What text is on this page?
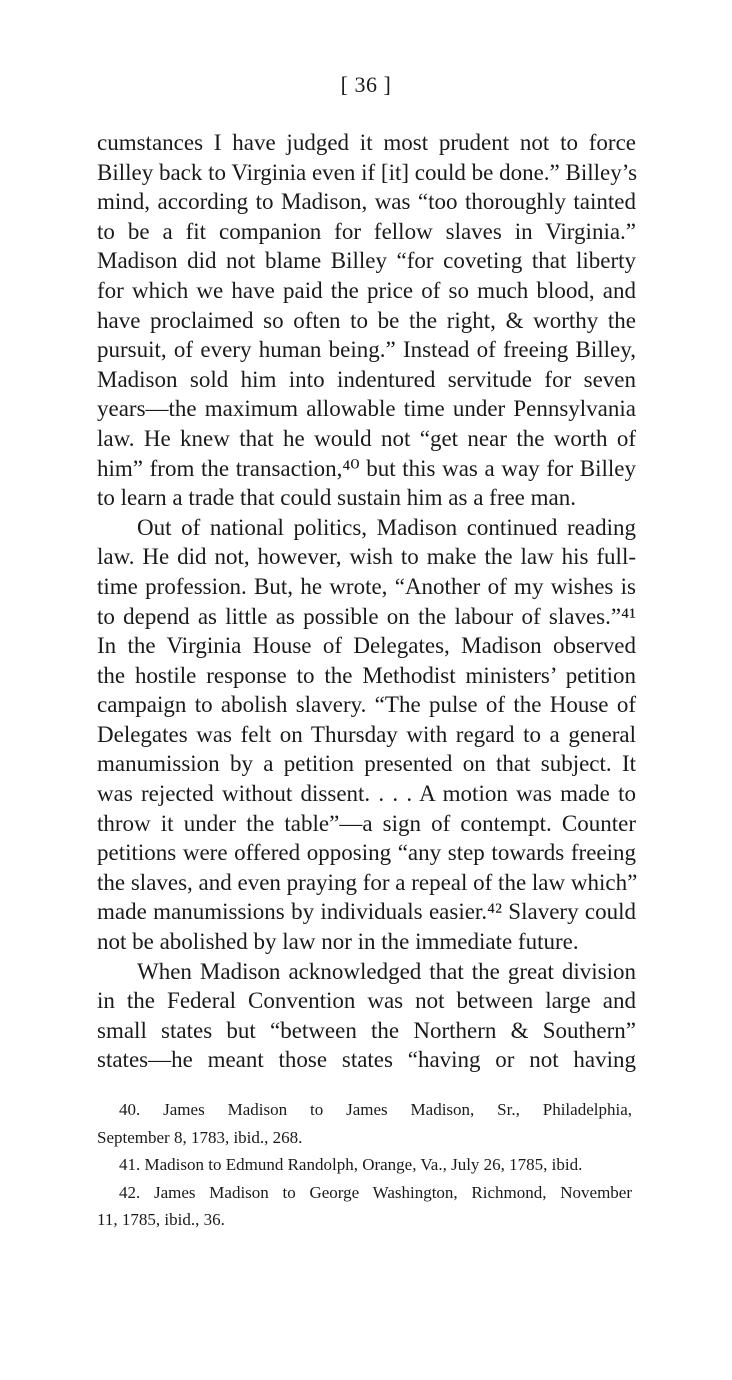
[ 36 ]
cumstances I have judged it most prudent not to force
Billey back to Virginia even if [it] could be done.” Billey’s
mind, according to Madison, was “too thoroughly tainted
to be a fit companion for fellow slaves in Virginia.”
Madison did not blame Billey “for coveting that liberty
for which we have paid the price of so much blood, and
have proclaimed so often to be the right, & worthy the
pursuit, of every human being.” Instead of freeing Billey,
Madison sold him into indentured servitude for seven
years—the maximum allowable time under Pennsylvania
law. He knew that he would not “get near the worth of
him” from the transaction,⁴⁰ but this was a way for Billey
to learn a trade that could sustain him as a free man.
Out of national politics, Madison continued reading
law. He did not, however, wish to make the law his full-
time profession. But, he wrote, “Another of my wishes is
to depend as little as possible on the labour of slaves.”⁴¹
In the Virginia House of Delegates, Madison observed
the hostile response to the Methodist ministers’ petition
campaign to abolish slavery. “The pulse of the House of
Delegates was felt on Thursday with regard to a general
manumission by a petition presented on that subject. It
was rejected without dissent. . . . A motion was made to
throw it under the table”—a sign of contempt. Counter
petitions were offered opposing “any step towards freeing
the slaves, and even praying for a repeal of the law which”
made manumissions by individuals easier.⁴² Slavery could
not be abolished by law nor in the immediate future.
When Madison acknowledged that the great division
in the Federal Convention was not between large and
small states but “between the Northern & Southern”
states—he meant those states “having or not having
40. James Madison to James Madison, Sr., Philadelphia,
September 8, 1783, ibid., 268.
41. Madison to Edmund Randolph, Orange, Va., July 26, 1785, ibid.
42. James Madison to George Washington, Richmond, November
11, 1785, ibid., 36.
